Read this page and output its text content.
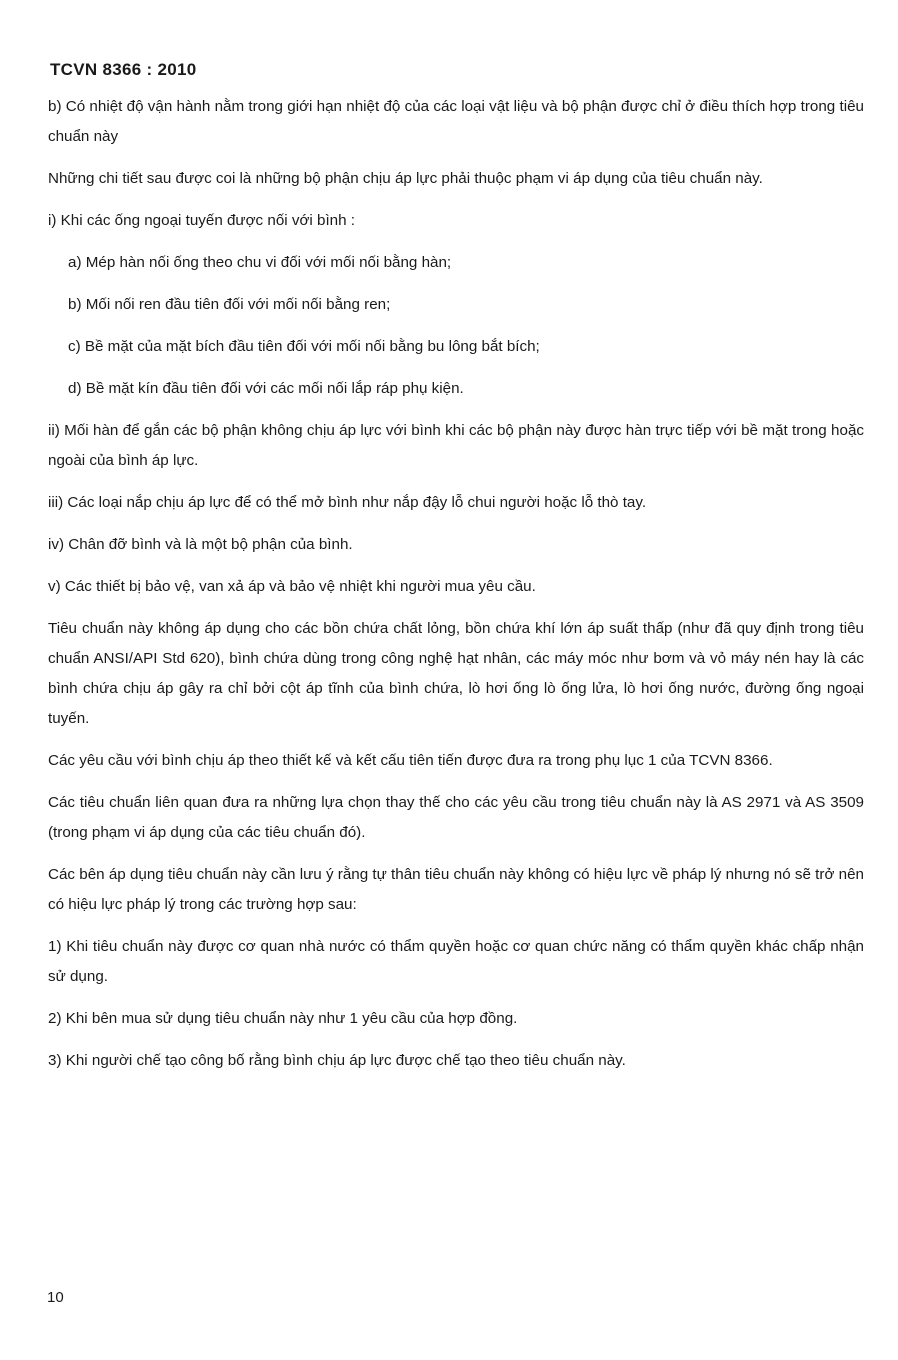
TCVN 8366 : 2010

b) Có nhiệt độ vận hành nằm trong giới hạn nhiệt độ của các loại vật liệu và bộ phận được chỉ ở điều thích hợp trong tiêu chuẩn này

Những chi tiết sau được coi là những bộ phận chịu áp lực phải thuộc phạm vi áp dụng của tiêu chuẩn này.

i) Khi các ống ngoại tuyến được nối với bình :

a) Mép hàn nối ống theo chu vi đối với mối nối bằng hàn;

b) Mối nối ren đầu tiên đối với mối nối bằng ren;

c) Bề mặt của mặt bích đầu tiên đối với mối nối bằng bu lông bắt bích;

d) Bề mặt kín đầu tiên đối với các mối nối lắp ráp phụ kiện.

ii) Mối hàn để gắn các bộ phận không chịu áp lực với bình khi các bộ phận này được hàn trực tiếp với bề mặt trong hoặc ngoài của bình áp lực.

iii) Các loại nắp chịu áp lực để có thể mở bình như nắp đậy lỗ chui người hoặc lỗ thò tay.

iv) Chân đỡ bình và là một bộ phận của bình.

v) Các thiết bị bảo vệ, van xả áp và bảo vệ nhiệt khi người mua yêu cầu.

Tiêu chuẩn này không áp dụng cho các bồn chứa chất lỏng, bồn chứa khí lớn áp suất thấp (như đã quy định trong tiêu chuẩn ANSI/API Std 620), bình chứa dùng trong công nghệ hạt nhân, các máy móc như bơm và vỏ máy nén hay là các bình chứa chịu áp gây ra chỉ bởi cột áp tĩnh của bình chứa, lò hơi ống lò ống lửa, lò hơi ống nước, đường ống ngoại tuyến.

Các yêu cầu với bình chịu áp theo thiết kế và kết cấu tiên tiến được đưa ra trong phụ lục 1 của TCVN 8366.

Các tiêu chuẩn liên quan đưa ra những lựa chọn thay thế cho các yêu cầu trong tiêu chuẩn này là AS 2971 và AS 3509 (trong phạm vi áp dụng của các tiêu chuẩn đó).

Các bên áp dụng tiêu chuẩn này cần lưu ý rằng tự thân tiêu chuẩn này không có hiệu lực về pháp lý nhưng nó sẽ trở nên có hiệu lực pháp lý trong các trường hợp sau:

1) Khi tiêu chuẩn này được cơ quan nhà nước có thẩm quyền hoặc cơ quan chức năng có thẩm quyền khác chấp nhận sử dụng.

2) Khi bên mua sử dụng tiêu chuẩn này như 1 yêu cầu của hợp đồng.

3) Khi người chế tạo công bố rằng bình chịu áp lực được chế tạo theo tiêu chuẩn này.

10
